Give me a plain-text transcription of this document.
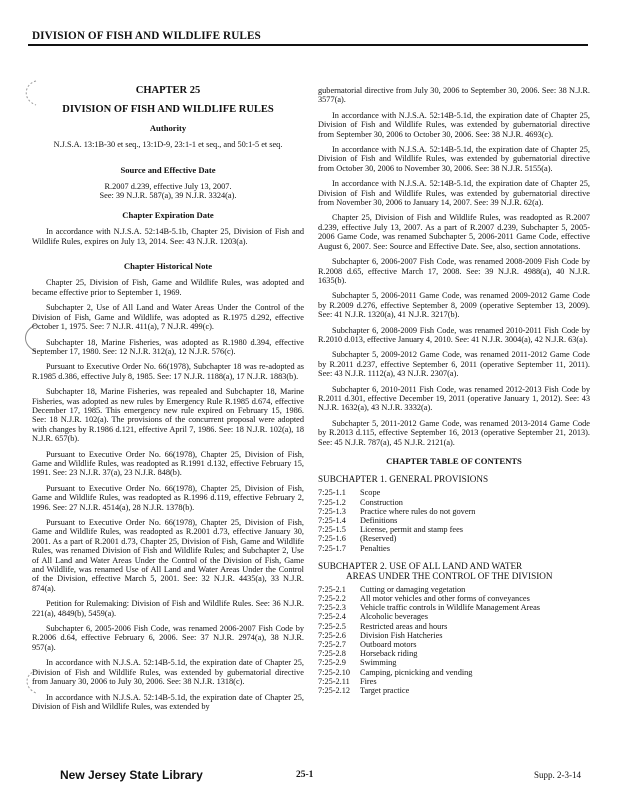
DIVISION OF FISH AND WILDLIFE RULES
CHAPTER 25
DIVISION OF FISH AND WILDLIFE RULES
Authority

N.J.S.A. 13:1B-30 et seq., 13:1D-9, 23:1-1 et seq., and 50:1-5 et seq.

Source and Effective Date
R.2007 d.239, effective July 13, 2007.
See: 39 N.J.R. 587(a), 39 N.J.R. 3324(a).
Chapter Expiration Date

In accordance with N.J.S.A. 52:14B-5.1b, Chapter 25, Division of Fish and Wildlife Rules, expires on July 13, 2014. See: 43 N.J.R. 1203(a).

Chapter Historical Note

Chapter 25, Division of Fish, Game and Wildlife Rules, was adopted and became effective prior to September 1, 1969.

Subchapter 2, Use of All Land and Water Areas Under the Control of the Division of Fish, Game and Wildlife, was adopted as R.1975 d.292, effective October 1, 1975. See: 7 N.J.R. 411(a), 7 N.J.R. 499(c).

Subchapter 18, Marine Fisheries, was adopted as R.1980 d.394, effective September 17, 1980. See: 12 N.J.R. 312(a), 12 N.J.R. 576(c).

Pursuant to Executive Order No. 66(1978), Subchapter 18 was re-adopted as R.1985 d.386, effective July 8, 1985. See: 17 N.J.R. 1188(a), 17 N.J.R. 1883(b).

Subchapter 18, Marine Fisheries, was repealed and Subchapter 18, Marine Fisheries, was adopted as new rules by Emergency Rule R.1985 d.674, effective December 17, 1985. This emergency new rule expired on February 15, 1986. See: 18 N.J.R. 102(a). The provisions of the concurrent proposal were adopted with changes by R.1986 d.121, effective April 7, 1986. See: 18 N.J.R. 102(a), 18 N.J.R. 657(b).

Pursuant to Executive Order No. 66(1978), Chapter 25, Division of Fish, Game and Wildlife Rules, was readopted as R.1991 d.132, effective February 15, 1991. See: 23 N.J.R. 37(a), 23 N.J.R. 848(b).

Pursuant to Executive Order No. 66(1978), Chapter 25, Division of Fish, Game and Wildlife Rules, was readopted as R.1996 d.119, effective February 2, 1996. See: 27 N.J.R. 4514(a), 28 N.J.R. 1378(b).

Pursuant to Executive Order No. 66(1978), Chapter 25, Division of Fish, Game and Wildlife Rules, was readopted as R.2001 d.73, effective January 30, 2001. As a part of R.2001 d.73, Chapter 25, Division of Fish, Game and Wildlife Rules, was renamed Division of Fish and Wildlife Rules; and Subchapter 2, Use of All Land and Water Areas Under the Control of the Division of Fish, Game and Wildlife, was renamed Use of All Land and Water Areas Under the Control of the Division, effective March 5, 2001. See: 32 N.J.R. 4435(a), 33 N.J.R. 874(a).

Petition for Rulemaking: Division of Fish and Wildlife Rules. See: 36 N.J.R. 221(a), 4849(b), 5459(a).

Subchapter 6, 2005-2006 Fish Code, was renamed 2006-2007 Fish Code by R.2006 d.64, effective February 6, 2006. See: 37 N.J.R. 2974(a), 38 N.J.R. 957(a).

In accordance with N.J.S.A. 52:14B-5.1d, the expiration date of Chapter 25, Division of Fish and Wildlife Rules, was extended by gubernatorial directive from January 30, 2006 to July 30, 2006. See: 38 N.J.R. 1318(c).

In accordance with N.J.S.A. 52:14B-5.1d, the expiration date of Chapter 25, Division of Fish and Wildlife Rules, was extended by

gubernatorial directive from July 30, 2006 to September 30, 2006. See: 38 N.J.R. 3577(a).

In accordance with N.J.S.A. 52:14B-5.1d, the expiration date of Chapter 25, Division of Fish and Wildlife Rules, was extended by gubernatorial directive from September 30, 2006 to October 30, 2006. See: 38 N.J.R. 4693(c).

In accordance with N.J.S.A. 52:14B-5.1d, the expiration date of Chapter 25, Division of Fish and Wildlife Rules, was extended by gubernatorial directive from October 30, 2006 to November 30, 2006. See: 38 N.J.R. 5155(a).

In accordance with N.J.S.A. 52:14B-5.1d, the expiration date of Chapter 25, Division of Fish and Wildlife Rules, was extended by gubernatorial directive from November 30, 2006 to January 14, 2007. See: 39 N.J.R. 62(a).

Chapter 25, Division of Fish and Wildlife Rules, was readopted as R.2007 d.239, effective July 13, 2007. As a part of R.2007 d.239, Subchapter 5, 2005-2006 Game Code, was renamed Subchapter 5, 2006-2011 Game Code, effective August 6, 2007. See: Source and Effective Date. See, also, section annotations.

Subchapter 6, 2006-2007 Fish Code, was renamed 2008-2009 Fish Code by R.2008 d.65, effective March 17, 2008. See: 39 N.J.R. 4988(a), 40 N.J.R. 1635(b).

Subchapter 5, 2006-2011 Game Code, was renamed 2009-2012 Game Code by R.2009 d.276, effective September 8, 2009 (operative September 13, 2009). See: 41 N.J.R. 1320(a), 41 N.J.R. 3217(b).

Subchapter 6, 2008-2009 Fish Code, was renamed 2010-2011 Fish Code by R.2010 d.013, effective January 4, 2010. See: 41 N.J.R. 3004(a), 42 N.J.R. 63(a).

Subchapter 5, 2009-2012 Game Code, was renamed 2011-2012 Game Code by R.2011 d.237, effective September 6, 2011 (operative September 11, 2011). See: 43 N.J.R. 1112(a), 43 N.J.R. 2307(a).

Subchapter 6, 2010-2011 Fish Code, was renamed 2012-2013 Fish Code by R.2011 d.301, effective December 19, 2011 (operative January 1, 2012). See: 43 N.J.R. 1632(a), 43 N.J.R. 3332(a).

Subchapter 5, 2011-2012 Game Code, was renamed 2013-2014 Game Code by R.2013 d.115, effective September 16, 2013 (operative September 21, 2013). See: 45 N.J.R. 787(a), 45 N.J.R. 2121(a).

CHAPTER TABLE OF CONTENTS
SUBCHAPTER 1. GENERAL PROVISIONS
7:25-1.1	Scope
7:25-1.2	Construction
7:25-1.3	Practice where rules do not govern
7:25-1.4	Definitions
7:25-1.5	License, permit and stamp fees
7:25-1.6	(Reserved)
7:25-1.7	Penalties
SUBCHAPTER 2. USE OF ALL LAND AND WATER
AREAS UNDER THE CONTROL OF THE DIVISION
7:25-2.1	Cutting or damaging vegetation
7:25-2.2	All motor vehicles and other forms of conveyances
7:25-2.3	Vehicle traffic controls in Wildlife Management Areas
7:25-2.4	Alcoholic beverages
7:25-2.5	Restricted areas and hours
7:25-2.6	Division Fish Hatcheries
7:25-2.7	Outboard motors
7:25-2.8	Horseback riding
7:25-2.9	Swimming
7:25-2.10	Camping, picnicking and vending
7:25-2.11	Fires
7:25-2.12	Target practice
New Jersey State Library	25-1	Supp. 2-3-14
